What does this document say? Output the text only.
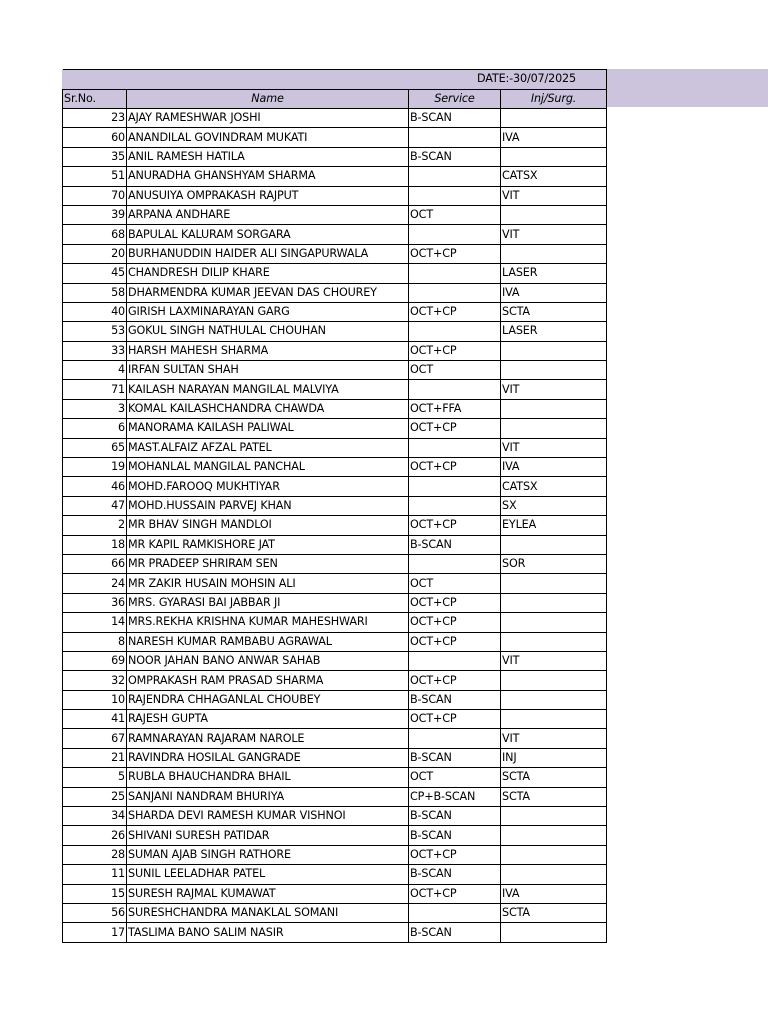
DATE:-30/07/2025			
Sr.No.	Name	Service	Inj/Surg.
23	AJAY RAMESHWAR JOSHI	B-SCAN	
60	ANANDILAL GOVINDRAM MUKATI		IVA
35	ANIL RAMESH HATILA	B-SCAN	
51	ANURADHA GHANSHYAM SHARMA		CATSX
70	ANUSUIYA OMPRAKASH RAJPUT		VIT
39	ARPANA ANDHARE	OCT	
68	BAPULAL KALURAM SORGARA		VIT
20	BURHANUDDIN HAIDER ALI SINGAPURWALA	OCT+CP	
45	CHANDRESH DILIP KHARE		LASER
58	DHARMENDRA KUMAR JEEVAN DAS CHOUREY		IVA
40	GIRISH LAXMINARAYAN GARG	OCT+CP	SCTA
53	GOKUL SINGH NATHULAL CHOUHAN		LASER
33	HARSH MAHESH SHARMA	OCT+CP	
4	IRFAN SULTAN SHAH	OCT	
71	KAILASH NARAYAN MANGILAL MALVIYA		VIT
3	KOMAL KAILASHCHANDRA CHAWDA	OCT+FFA	
6	MANORAMA KAILASH PALIWAL	OCT+CP	
65	MAST.ALFAIZ AFZAL PATEL		VIT
19	MOHANLAL MANGILAL PANCHAL	OCT+CP	IVA
46	MOHD.FAROOQ MUKHTIYAR		CATSX
47	MOHD.HUSSAIN PARVEJ KHAN		SX
2	MR BHAV SINGH MANDLOI	OCT+CP	EYLEA
18	MR KAPIL RAMKISHORE JAT	B-SCAN	
66	MR PRADEEP SHRIRAM SEN		SOR
24	MR ZAKIR HUSAIN MOHSIN ALI	OCT	
36	MRS. GYARASI BAI JABBAR JI	OCT+CP	
14	MRS.REKHA KRISHNA KUMAR MAHESHWARI	OCT+CP	
8	NARESH KUMAR RAMBABU AGRAWAL	OCT+CP	
69	NOOR JAHAN BANO ANWAR SAHAB		VIT
32	OMPRAKASH RAM PRASAD SHARMA	OCT+CP	
10	RAJENDRA CHHAGANLAL CHOUBEY	B-SCAN	
41	RAJESH GUPTA	OCT+CP	
67	RAMNARAYAN RAJARAM NAROLE		VIT
21	RAVINDRA HOSILAL GANGRADE	B-SCAN	INJ
5	RUBLA BHAUCHANDRA BHAIL	OCT	SCTA
25	SANJANI NANDRAM BHURIYA	CP+B-SCAN	SCTA
34	SHARDA DEVI RAMESH KUMAR VISHNOI	B-SCAN	
26	SHIVANI SURESH PATIDAR	B-SCAN	
28	SUMAN AJAB SINGH RATHORE	OCT+CP	
11	SUNIL LEELADHAR PATEL	B-SCAN	
15	SURESH RAJMAL KUMAWAT	OCT+CP	IVA
56	SURESHCHANDRA MANAKLAL SOMANI		SCTA
17	TASLIMA BANO SALIM NASIR	B-SCAN	
